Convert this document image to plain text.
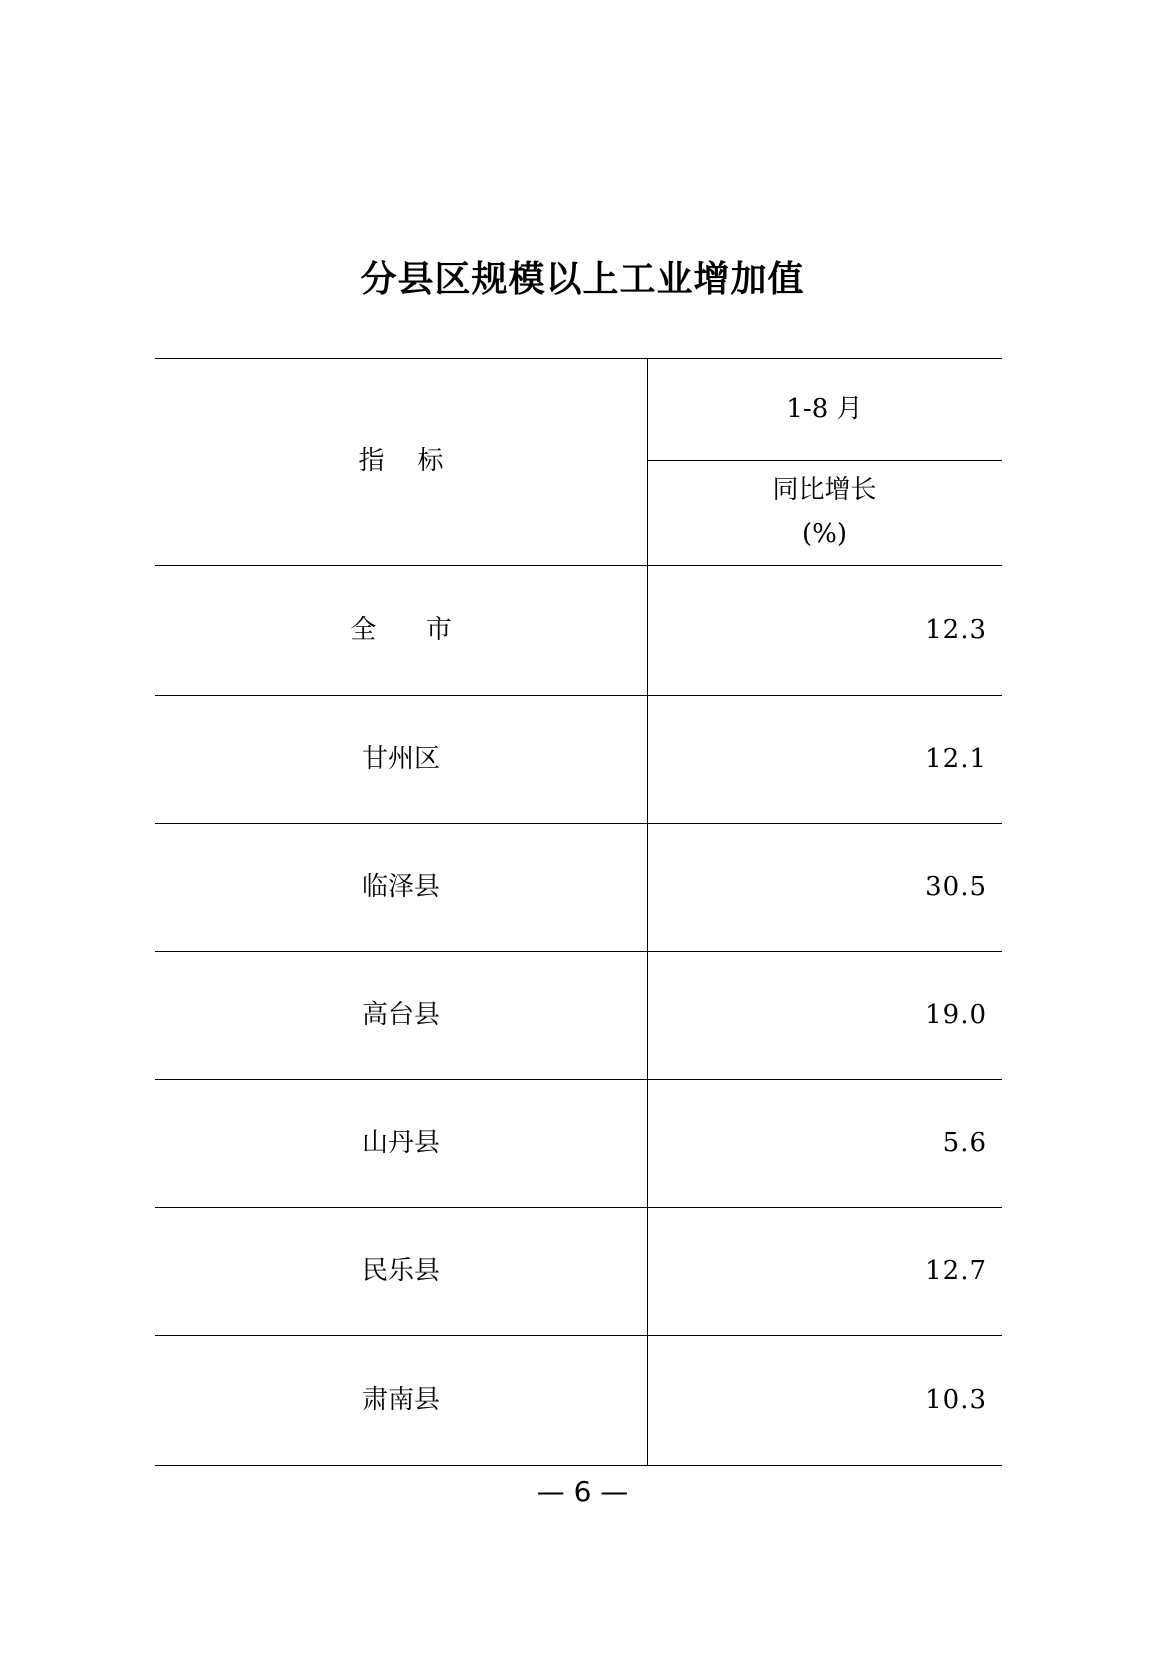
分县区规模以上工业增加值
指    标
1-8 月
同比增长
(%)
全      市	12.3
甘州区	12.1
临泽县	30.5
高台县	19.0
山丹县	5.6
民乐县	12.7
肃南县	10.3
— 6 —
